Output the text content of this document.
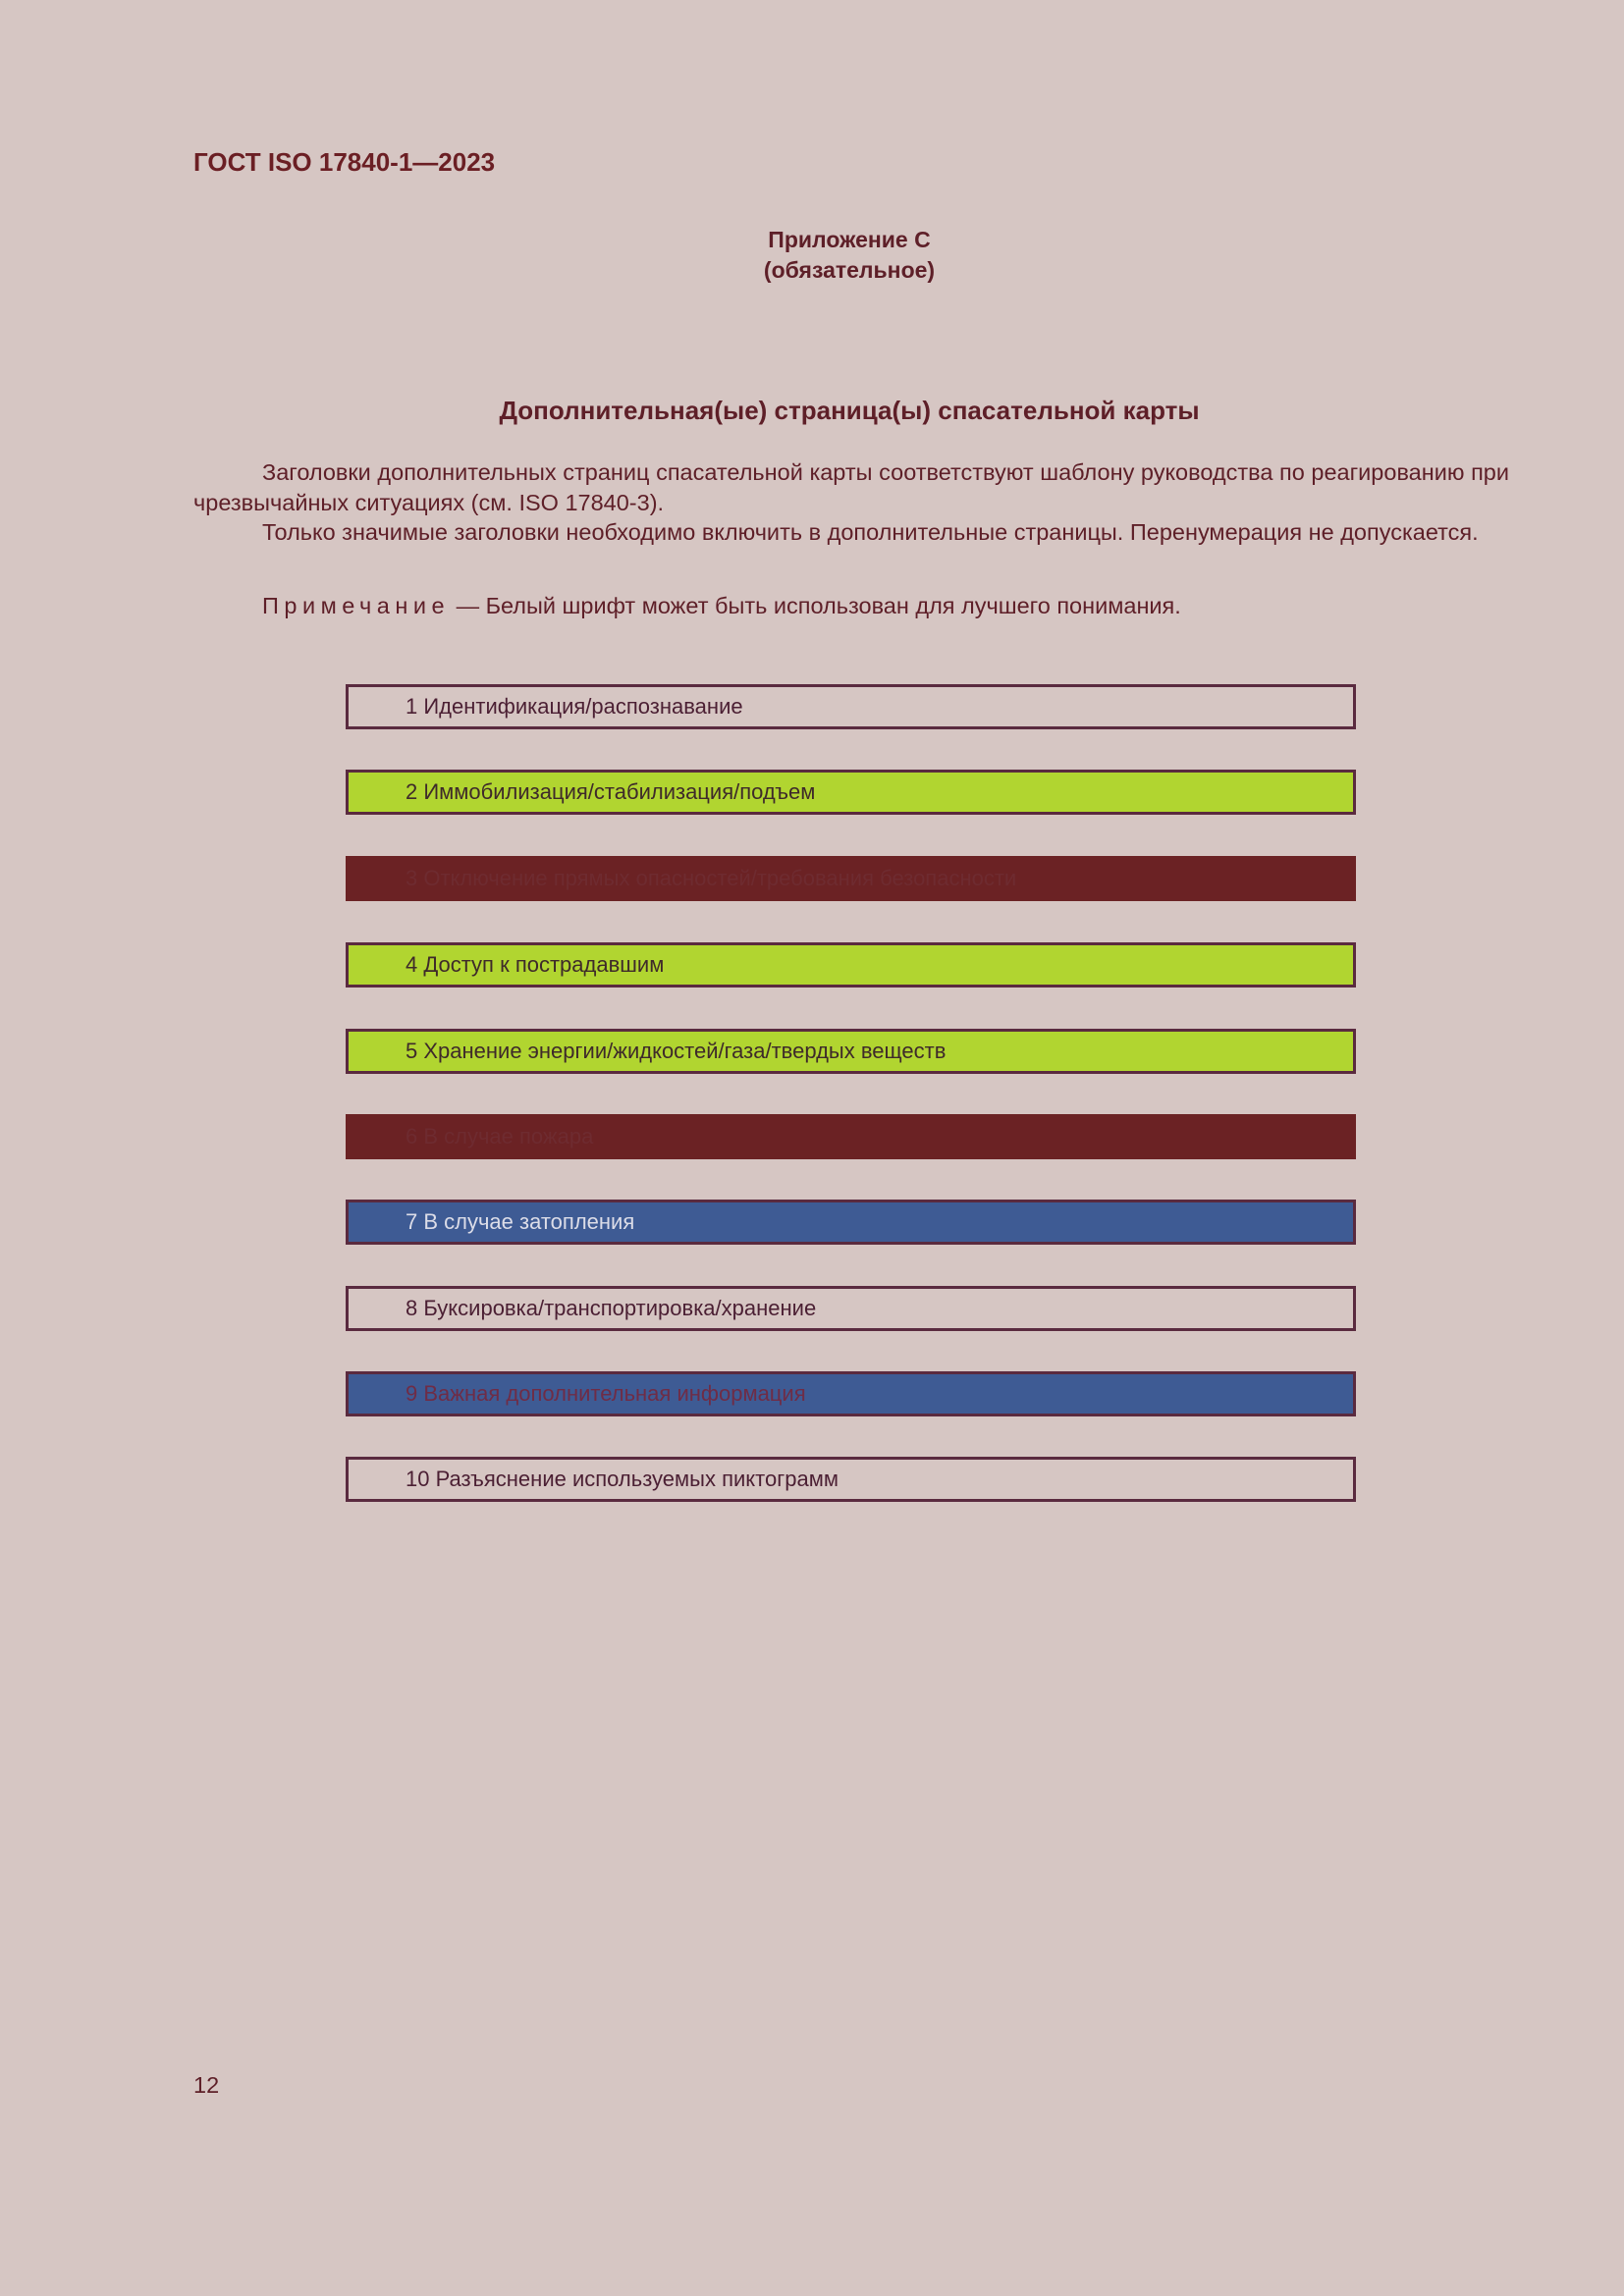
ГОСТ ISO 17840-1—2023
Приложение С
(обязательное)
Дополнительная(ые) страница(ы) спасательной карты

Заголовки дополнительных страниц спасательной карты соответствуют шаблону руководства по реагированию при чрезвычайных ситуациях (см. ISO 17840-3).

Только значимые заголовки необходимо включить в дополнительные страницы. Перенумерация не допускается.

Примечание — Белый шрифт может быть использован для лучшего понимания.
1 Идентификация/распознавание
2 Иммобилизация/стабилизация/подъем
3 Отключение прямых опасностей/требования безопасности
4 Доступ к пострадавшим
5 Хранение энергии/жидкостей/газа/твердых веществ
6 В случае пожара
7 В случае затопления
8 Буксировка/транспортировка/хранение
9 Важная дополнительная информация
10 Разъяснение используемых пиктограмм
12
